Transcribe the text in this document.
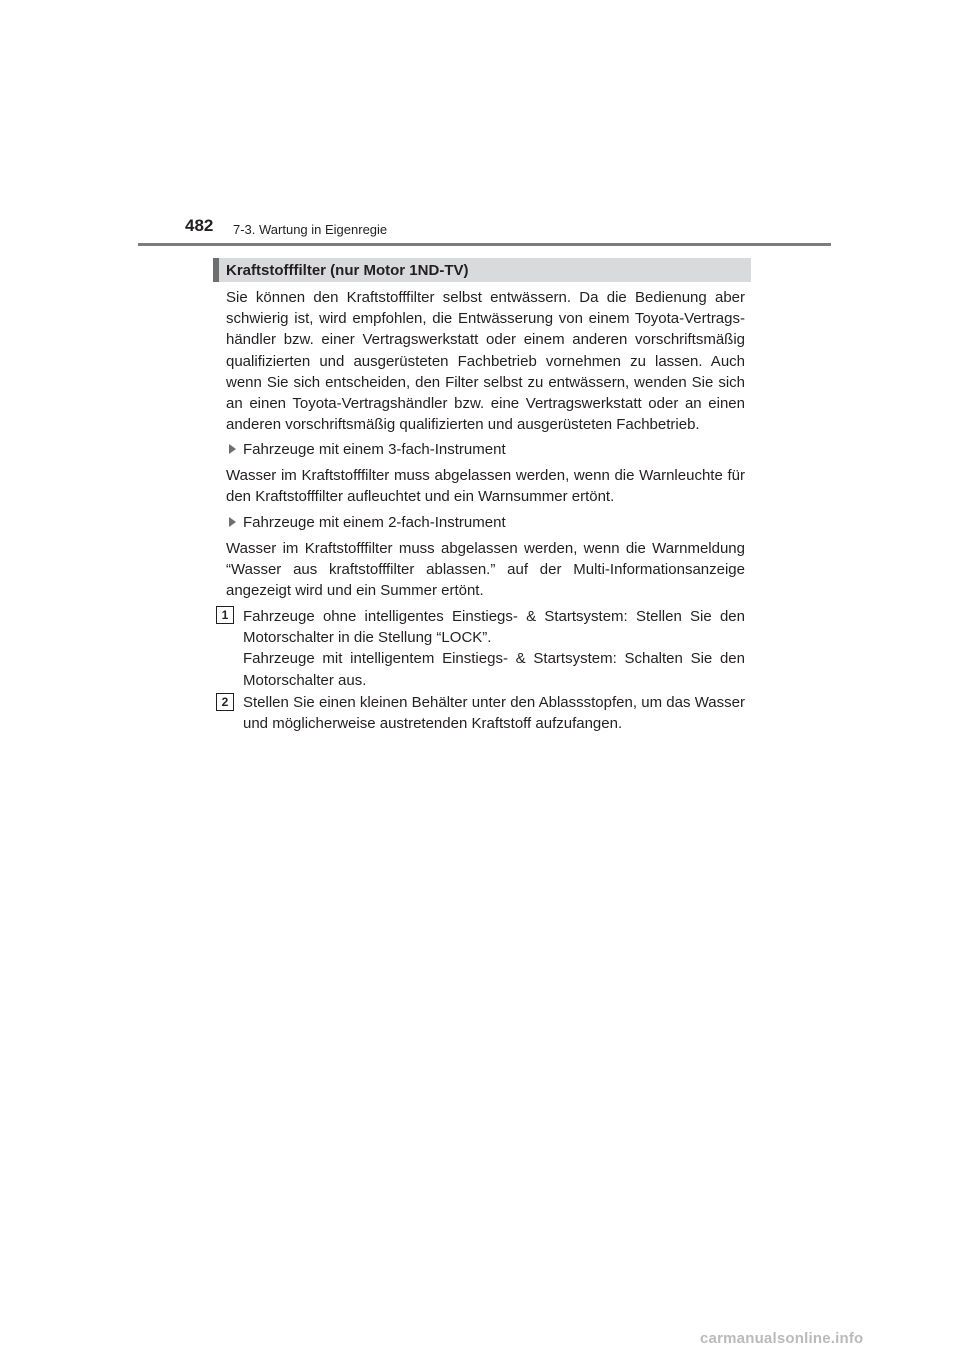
482 7-3. Wartung in Eigenregie
Kraftstofffilter (nur Motor 1ND-TV)

Sie können den Kraftstofffilter selbst entwässern. Da die Bedienung aber schwierig ist, wird empfohlen, die Entwässerung von einem Toyota-Vertragshändler bzw. einer Vertragswerkstatt oder einem anderen vorschriftsmäßig qualifizierten und ausgerüsteten Fachbetrieb vornehmen zu lassen. Auch wenn Sie sich entscheiden, den Filter selbst zu entwässern, wenden Sie sich an einen Toyota-Vertragshändler bzw. eine Vertragswerkstatt oder an einen anderen vorschriftsmäßig qualifizierten und ausgerüsteten Fachbetrieb.

Fahrzeuge mit einem 3-fach-Instrument

Wasser im Kraftstofffilter muss abgelassen werden, wenn die Warnleuchte für den Kraftstofffilter aufleuchtet und ein Warnsummer ertönt.

Fahrzeuge mit einem 2-fach-Instrument

Wasser im Kraftstofffilter muss abgelassen werden, wenn die Warnmeldung “Wasser aus kraftstofffilter ablassen.” auf der Multi-Informationsanzeige angezeigt wird und ein Summer ertönt.

1 Fahrzeuge ohne intelligentes Einstiegs- & Startsystem: Stellen Sie den Motorschalter in die Stellung “LOCK”.

Fahrzeuge mit intelligentem Einstiegs- & Startsystem: Schalten Sie den Motorschalter aus.

2 Stellen Sie einen kleinen Behälter unter den Ablassstopfen, um das Wasser und möglicherweise austretenden Kraftstoff aufzufangen.

carmanualsonline.info
